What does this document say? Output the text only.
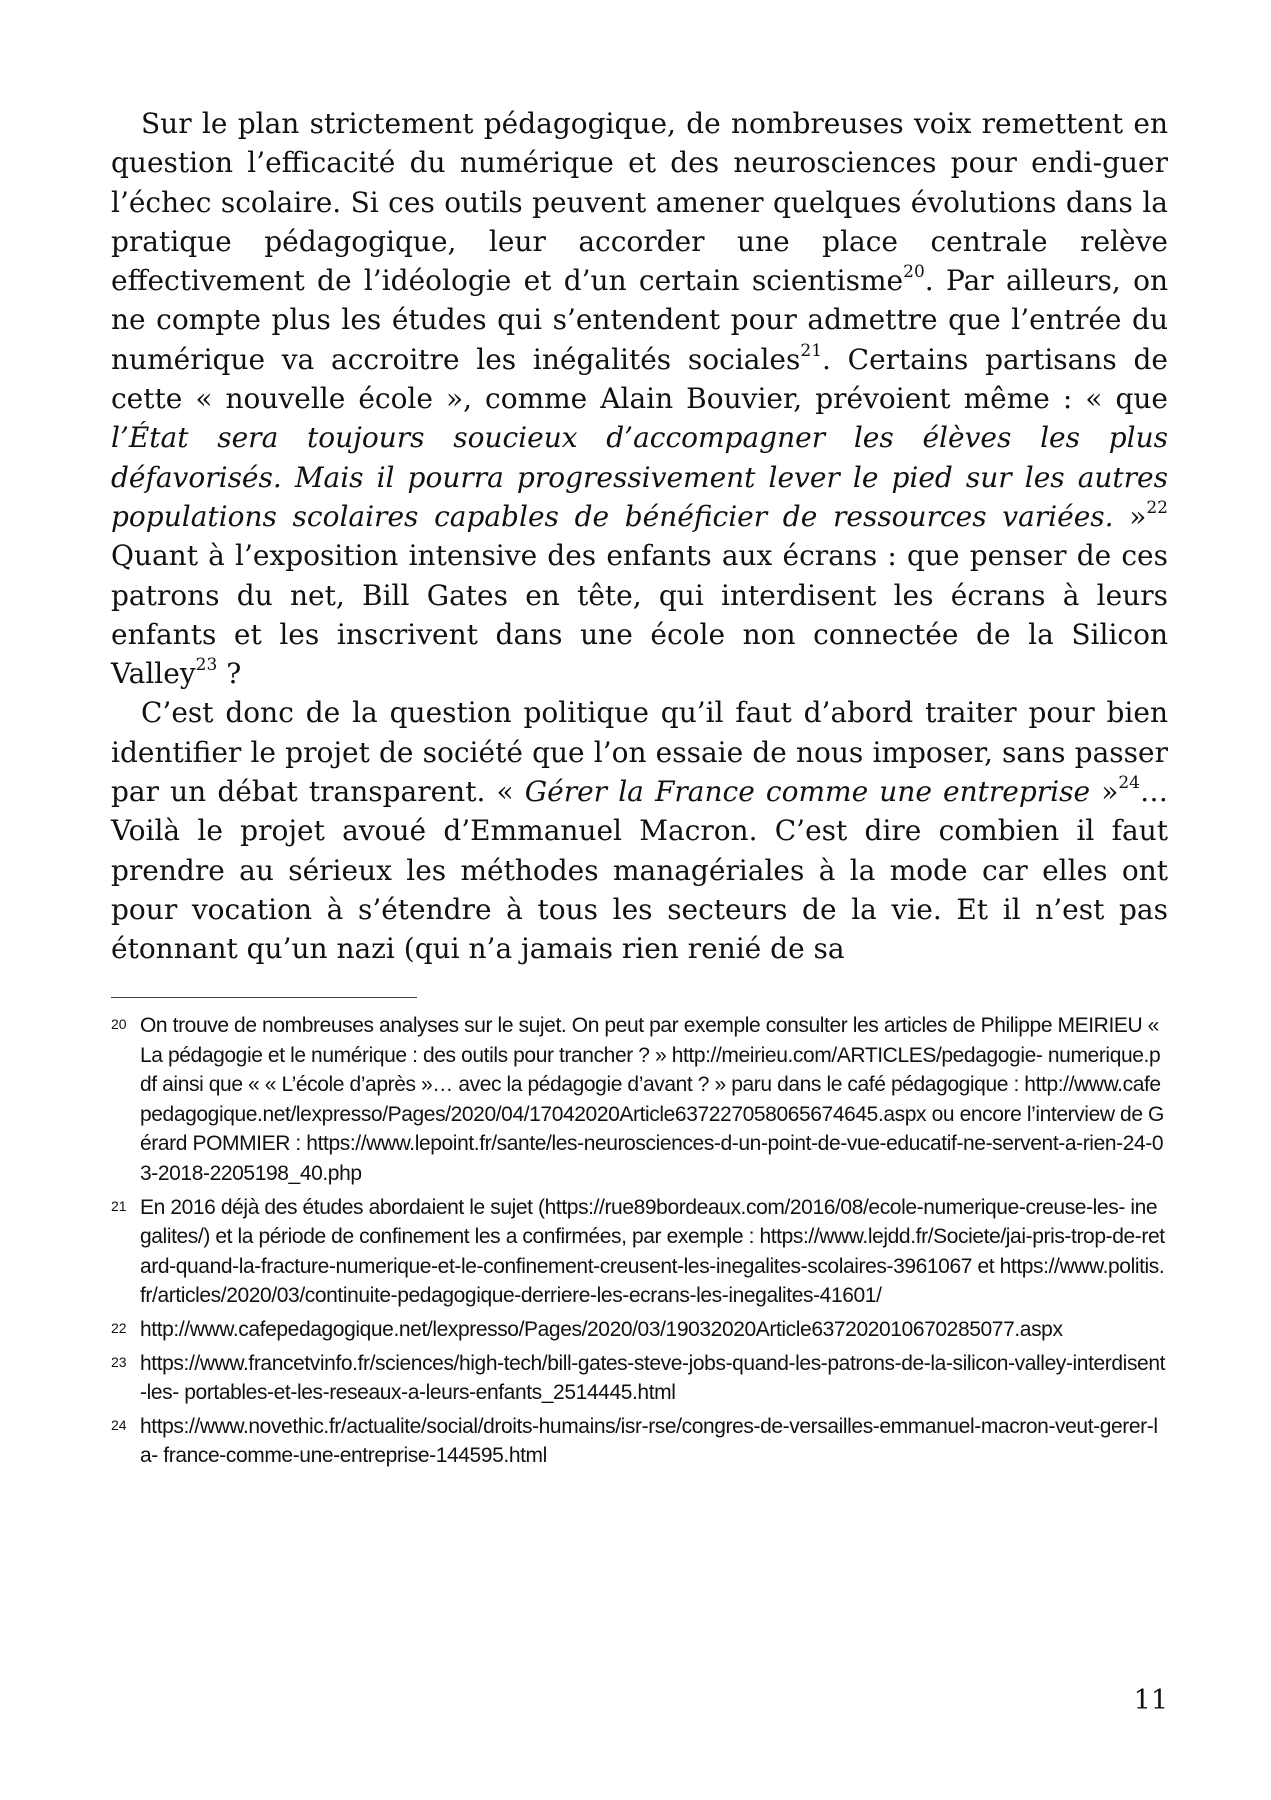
Sur le plan strictement pédagogique, de nombreuses voix remettent en question l’efficacité du numérique et des neurosciences pour endi-guer l’échec scolaire. Si ces outils peuvent amener quelques évolutions dans la pratique pédagogique, leur accorder une place centrale relève effectivement de l’idéologie et d’un certain scientisme$^{20}$. Par ailleurs, on ne compte plus les études qui s’entendent pour admettre que l’entrée du numérique va accroitre les inégalités sociales$^{21}$. Certains partisans de cette « nouvelle école », comme Alain Bouvier, prévoient même : « que l’État sera toujours soucieux d’accompagner les élèves les plus défavorisés. Mais il pourra progressivement lever le pied sur les autres populations scolaires capables de bénéficier de ressources variées. »$^{22}$ Quant à l’exposition intensive des enfants aux écrans : que penser de ces patrons du net, Bill Gates en tête, qui interdisent les écrans à leurs enfants et les inscrivent dans une école non connectée de la Silicon Valley$^{23}$ ?

C’est donc de la question politique qu’il faut d’abord traiter pour bien identifier le projet de société que l’on essaie de nous imposer, sans passer par un débat transparent. « Gérer la France comme une entreprise »$^{24}$… Voilà le projet avoué d’Emmanuel Macron. C’est dire combien il faut prendre au sérieux les méthodes managériales à la mode car elles ont pour vocation à s’étendre à tous les secteurs de la vie. Et il n’est pas étonnant qu’un nazi (qui n’a jamais rien renié de sa

20 On trouve de nombreuses analyses sur le sujet. On peut par exemple consulter les articles de Philippe MEIRIEU « La pédagogie et le numérique : des outils pour trancher ? » http://meirieu.com/ARTICLES/pedagogie- numerique.pdf ainsi que « « L’école d’après »… avec la pédagogie d’avant ? » paru dans le café pédagogique : http://www.cafepedagogique.net/lexpresso/Pages/2020/04/17042020Article637227058065674645.aspx ou encore l’interview de Gérard POMMIER : https://www.lepoint.fr/sante/les-neurosciences-d-un-point-de-vue-educatif-ne-servent-a-rien-24-03-2018-2205198_40.php
21 En 2016 déjà des études abordaient le sujet (https://rue89bordeaux.com/2016/08/ecole-numerique-creuse-les- inegalites/) et la période de confinement les a confirmées, par exemple : https://www.lejdd.fr/Societe/jai-pris-trop-de-retard-quand-la-fracture-numerique-et-le-confinement-creusent-les-inegalites-scolaires-3961067 et https://www.politis.fr/articles/2020/03/continuite-pedagogique-derriere-les-ecrans-les-inegalites-41601/
22 http://www.cafepedagogique.net/lexpresso/Pages/2020/03/19032020Article637202010670285077.aspx
23 https://www.francetvinfo.fr/sciences/high-tech/bill-gates-steve-jobs-quand-les-patrons-de-la-silicon-valley-interdisent-les- portables-et-les-reseaux-a-leurs-enfants_2514445.html
24 https://www.novethic.fr/actualite/social/droits-humains/isr-rse/congres-de-versailles-emmanuel-macron-veut-gerer-la- france-comme-une-entreprise-144595.html
11
